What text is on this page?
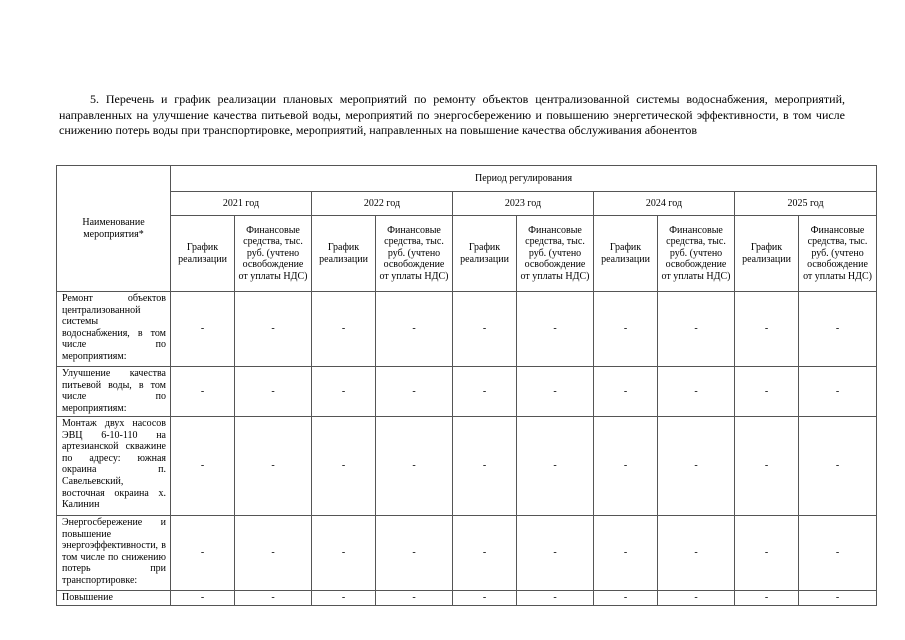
5. Перечень и график реализации плановых мероприятий по ремонту объектов централизованной системы водоснабжения, мероприятий, направленных на улучшение качества питьевой воды, мероприятий по энергосбережению и повышению энергетической эффективности, в том числе снижению потерь воды при транспортировке, мероприятий, направленных на повышение качества обслуживания абонентов
Наименование мероприятия*	Период регулирования									
	2021 год		2022 год		2023 год		2024 год		2025 год	
	График реализации	Финансовые средства, тыс. руб. (учтено освобождение от уплаты НДС)	График реализации	Финансовые средства, тыс. руб. (учтено освобождение от уплаты НДС)	График реализации	Финансовые средства, тыс. руб. (учтено освобождение от уплаты НДС)	График реализации	Финансовые средства, тыс. руб. (учтено освобождение от уплаты НДС)	График реализации	Финансовые средства, тыс. руб. (учтено освобождение от уплаты НДС)
Ремонт объектов централизованной системы водоснабжения, в том числе по мероприятиям:	-	-	-	-	-	-	-	-	-	-
Улучшение качества питьевой воды, в том числе по мероприятиям:	-	-	-	-	-	-	-	-	-	-
Монтаж двух насосов ЭВЦ 6-10-110 на артезианской скважине по адресу: южная окраина п. Савельевский, восточная окраина х. Калинин	-	-	-	-	-	-	-	-	-	-
Энергосбережение и повышение энергоэффективности, в том числе по снижению потерь при транспортировке:	-	-	-	-	-	-	-	-	-	-
Повышение	-	-	-	-	-	-	-	-	-	-
